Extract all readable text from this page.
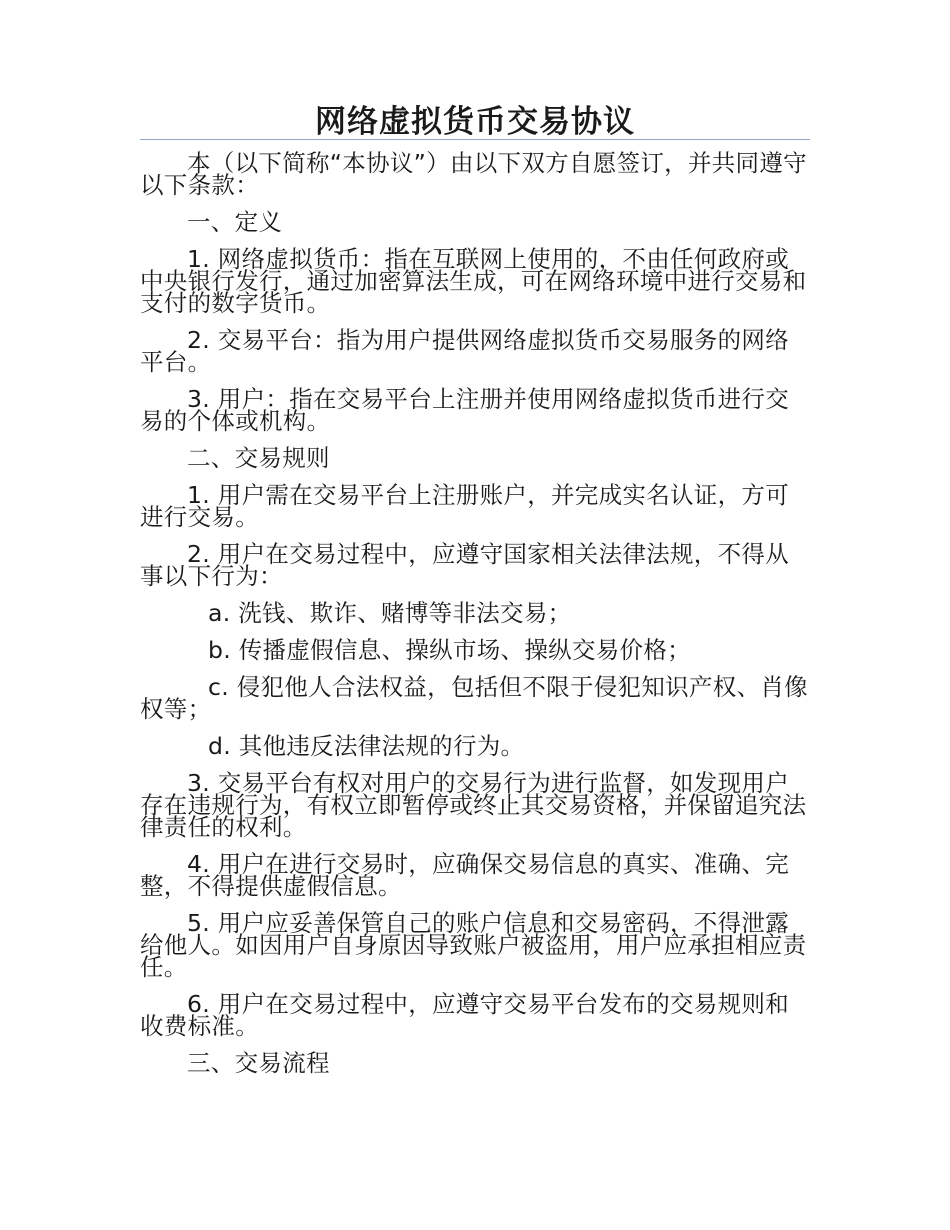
网络虚拟货币交易协议

本（以下简称“本协议”）由以下双方自愿签订，并共同遵守以下条款：

一、定义

1. 网络虚拟货币：指在互联网上使用的，不由任何政府或中央银行发行，通过加密算法生成，可在网络环境中进行交易和支付的数字货币。

2. 交易平台：指为用户提供网络虚拟货币交易服务的网络平台。

3. 用户：指在交易平台上注册并使用网络虚拟货币进行交易的个体或机构。

二、交易规则

1. 用户需在交易平台上注册账户，并完成实名认证，方可进行交易。

2. 用户在交易过程中，应遵守国家相关法律法规，不得从事以下行为：

a. 洗钱、欺诈、赌博等非法交易；

b. 传播虚假信息、操纵市场、操纵交易价格；

c. 侵犯他人合法权益，包括但不限于侵犯知识产权、肖像权等；

d. 其他违反法律法规的行为。

3. 交易平台有权对用户的交易行为进行监督，如发现用户存在违规行为，有权立即暂停或终止其交易资格，并保留追究法律责任的权利。

4. 用户在进行交易时，应确保交易信息的真实、准确、完整，不得提供虚假信息。

5. 用户应妥善保管自己的账户信息和交易密码，不得泄露给他人。如因用户自身原因导致账户被盗用，用户应承担相应责任。

6. 用户在交易过程中，应遵守交易平台发布的交易规则和收费标准。

三、交易流程
